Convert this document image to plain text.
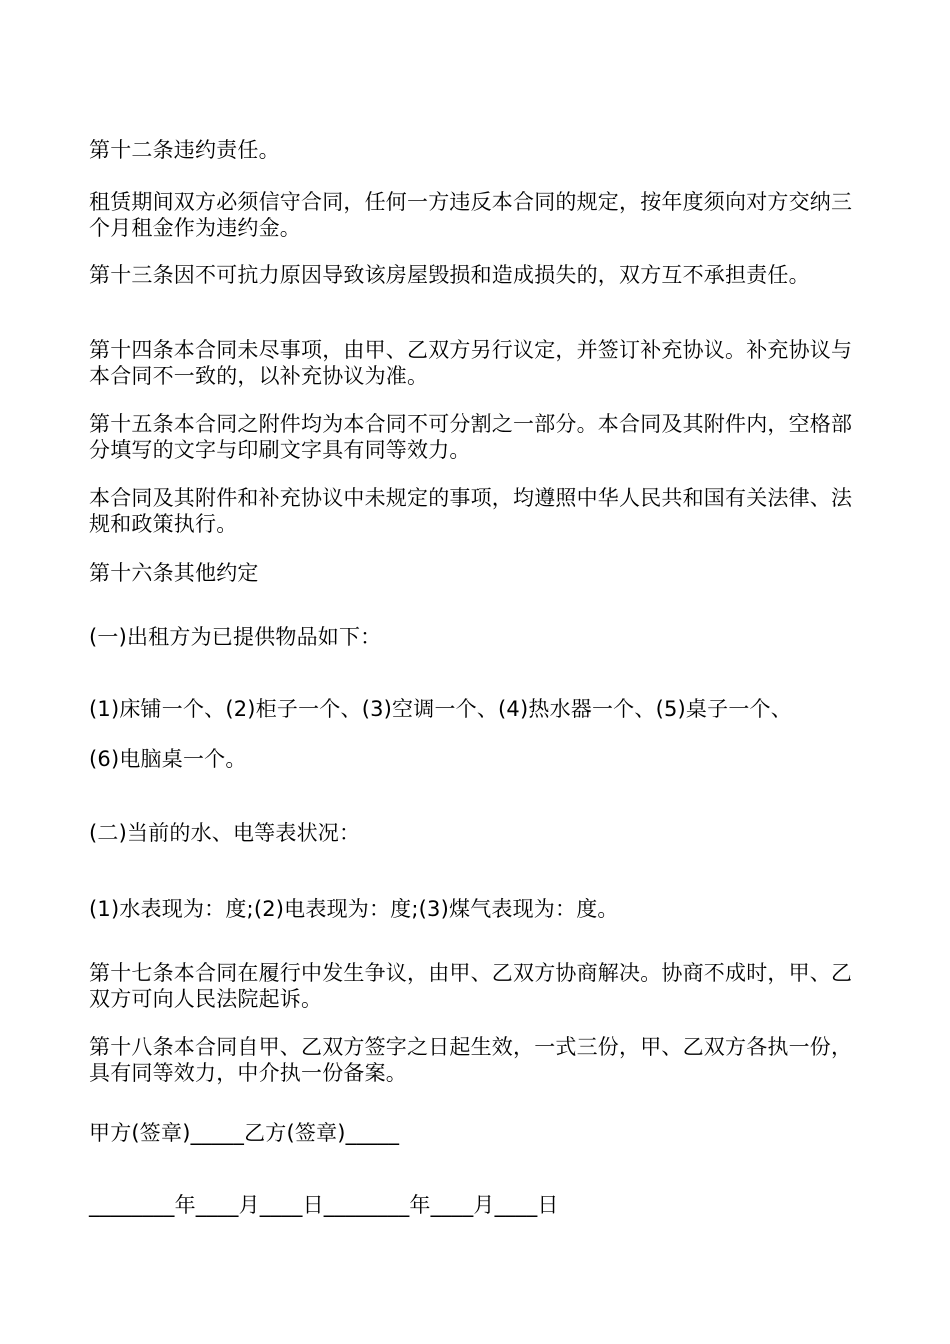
第十二条违约责任。
租赁期间双方必须信守合同，任何一方违反本合同的规定，按年度须向对方交纳三个月租金作为违约金。
第十三条因不可抗力原因导致该房屋毁损和造成损失的，双方互不承担责任。
第十四条本合同未尽事项，由甲、乙双方另行议定，并签订补充协议。补充协议与本合同不一致的，以补充协议为准。
第十五条本合同之附件均为本合同不可分割之一部分。本合同及其附件内，空格部分填写的文字与印刷文字具有同等效力。
本合同及其附件和补充协议中未规定的事项，均遵照中华人民共和国有关法律、法规和政策执行。
第十六条其他约定
(一)出租方为已提供物品如下：
(1)床铺一个、(2)柜子一个、(3)空调一个、(4)热水器一个、(5)桌子一个、
(6)电脑桌一个。
(二)当前的水、电等表状况：
(1)水表现为：度;(2)电表现为：度;(3)煤气表现为：度。
第十七条本合同在履行中发生争议，由甲、乙双方协商解决。协商不成时，甲、乙双方可向人民法院起诉。
第十八条本合同自甲、乙双方签字之日起生效，一式三份，甲、乙双方各执一份，具有同等效力，中介执一份备案。
甲方(签章)_____乙方(签章)_____
________年____月____日________年____月____日
